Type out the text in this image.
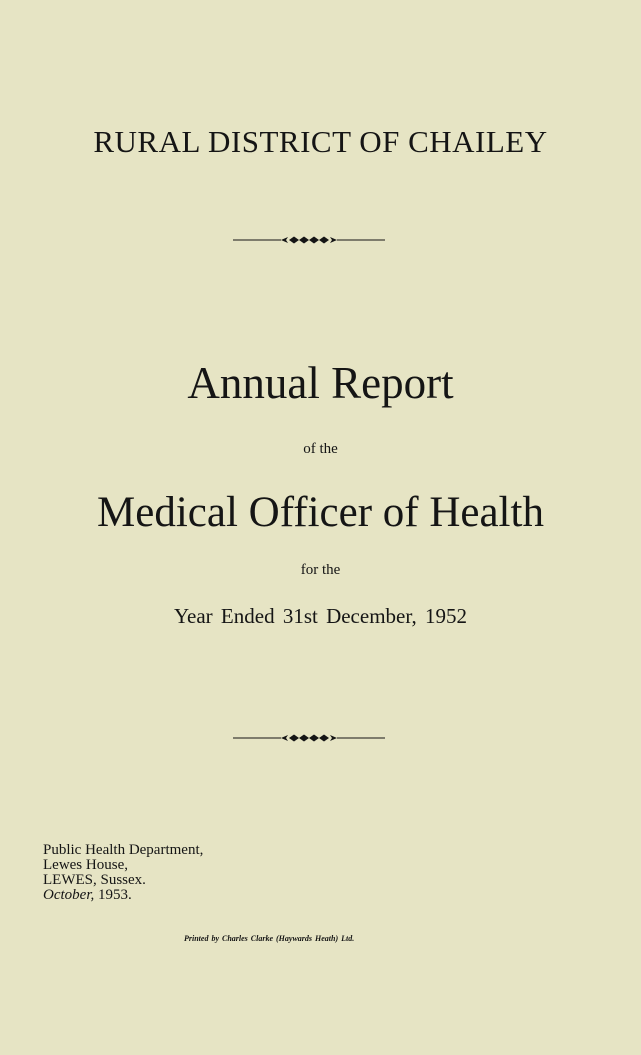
RURAL DISTRICT OF CHAILEY
Annual Report
of the
Medical Officer of Health
for the
Year Ended 31st December, 1952
Public Health Department,
Lewes House,
LEWES, Sussex.
October, 1953.
Printed by Charles Clarke (Haywards Heath) Ltd.
